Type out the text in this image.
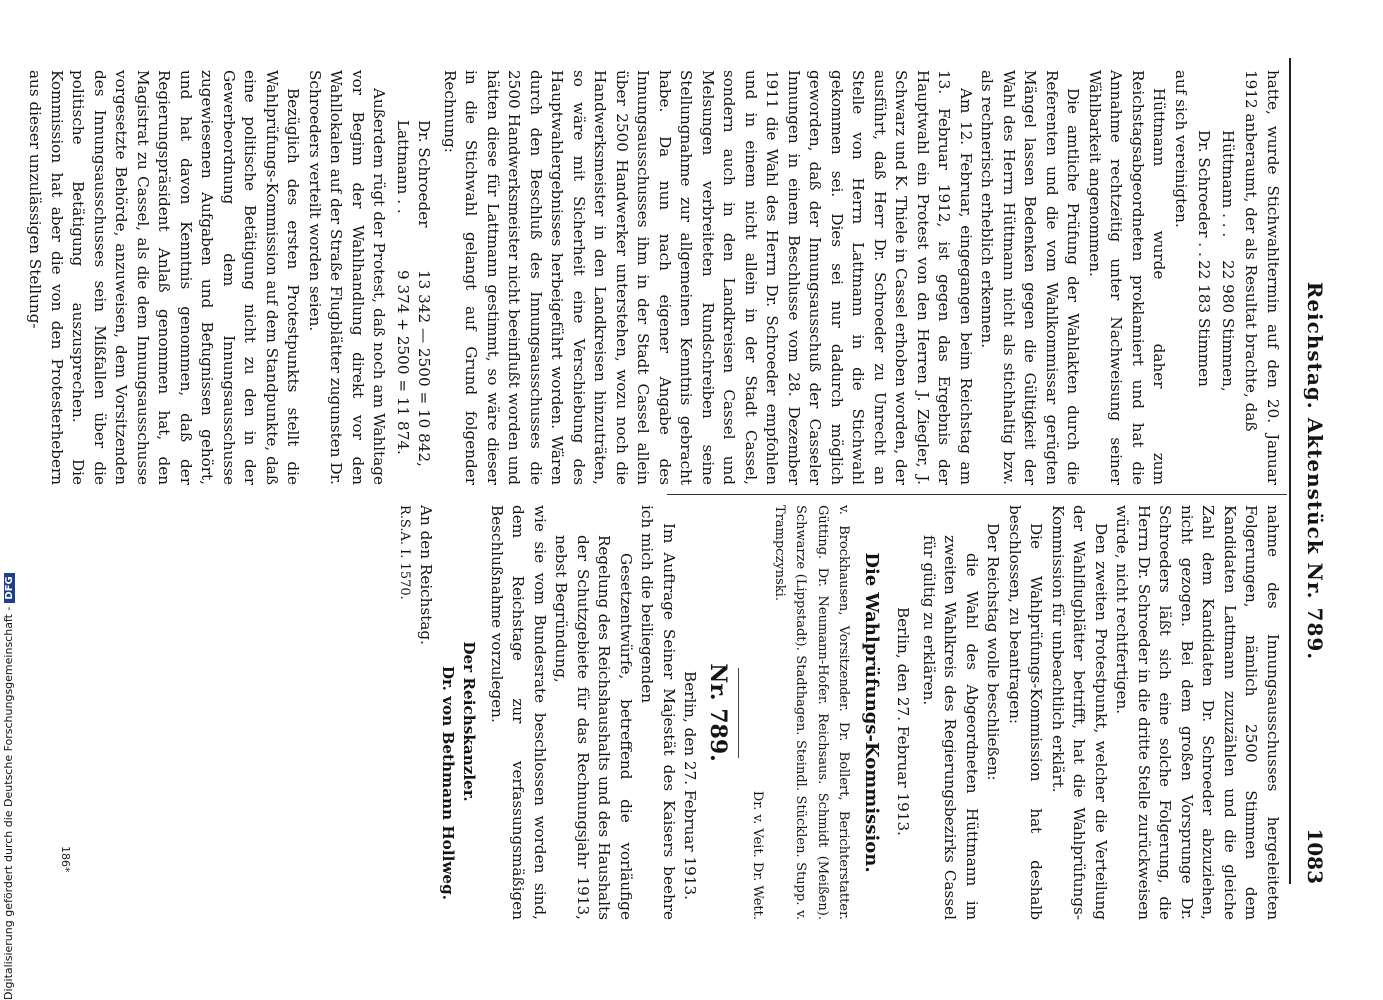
Reichstag. Aktenstück Nr. 789.
1083

hatte, wurde Stichwahltermin auf den 20. Januar 1912 anberaumt, der als Resultat brachte, daß

Hüttmann . . .
22 980 Stimmen,
Dr. Schroeder . .
22 183 Stimmen

auf sich vereinigten.

Hüttmann wurde daher zum Reichstagsabgeordneten proklamiert und hat die Annahme rechtzeitig unter Nachweisung seiner Wählbarkeit angenommen.

Die amtliche Prüfung der Wahlakten durch die Referenten und die vom Wahlkommissar gerügten Mängel lassen Bedenken gegen die Gültigkeit der Wahl des Herrn Hüttmann nicht als stichhaltig bzw. als rechnerisch erheblich erkennen.

Am 12. Februar, eingegangen beim Reichstag am 13. Februar 1912, ist gegen das Ergebnis der Hauptwahl ein Protest von den Herren J. Ziegler, J. Schwarz und K. Thiele in Cassel erhoben worden, der ausführt, daß Herr Dr. Schroeder zu Unrecht an Stelle von Herrn Lattmann in die Stichwahl gekommen sei. Dies sei nur dadurch möglich geworden, daß der Innungsausschuß der Casseler Innungen in einem Beschlusse vom 28. Dezember 1911 die Wahl des Herrn Dr. Schroeder empfohlen und in einem nicht allein in der Stadt Cassel, sondern auch in den Landkreisen Cassel und Melsungen verbreiteten Rundschreiben seine Stellungnahme zur allgemeinen Kenntnis gebracht habe. Da nun nach eigener Angabe des Innungsausschusses ihm in der Stadt Cassel allein über 2500 Handwerker unterstehen, wozu noch die Handwerksmeister in den Landkreisen hinzuträten, so wäre mit Sicherheit eine Verschiebung des Hauptwahlergebnisses herbeigeführt worden. Wären durch den Beschluß des Innungsausschusses die 2500 Handwerksmeister nicht beeinflußt worden und hätten diese für Lattmann gestimmt, so wäre dieser in die Stichwahl gelangt auf Grund folgender Rechnung:

Dr. Schroeder
13 342 — 2500 = 10 842,
Lattmann . .
9 374 + 2500 = 11 874.

Außerdem rügt der Protest, daß noch am Wahltage vor Beginn der Wahlhandlung direkt vor den Wahllokalen auf der Straße Flugblätter zugunsten Dr. Schroeders verteilt worden seien.

Bezüglich des ersten Protestpunkts stellt die Wahlprüfungs-Kommission auf dem Standpunkte, daß eine politische Betätigung nicht zu den in der Gewerbeordnung dem Innungsausschusse zugewiesenen Aufgaben und Befugnissen gehört, und hat davon Kenntnis genommen, daß der Regierungspräsident Anlaß genommen hat, den Magistrat zu Cassel, als die dem Innungsausschusse vorgesetzte Behörde, anzuweisen, dem Vorsitzenden des Innungsausschusses sein Mißfallen über die politische Betätigung auszusprechen. Die Kommission hat aber die von den Protesterhebern aus dieser unzulässigen Stellung-

nahme des Innungsausschusses hergeleiteten Folgerungen, nämlich 2500 Stimmen dem Kandidaten Lattmann zuzuzählen und die gleiche Zahl dem Kandidaten Dr. Schroeder abzuziehen, nicht gezogen. Bei dem großen Vorsprunge Dr. Schroeders läßt sich eine solche Folgerung, die Herrn Dr. Schroeder in die dritte Stelle zurückweisen würde, nicht rechtfertigen.

Den zweiten Protestpunkt, welcher die Verteilung der Wahlflugblätter betrifft, hat die Wahlprüfungs-Kommission für unbeachtlich erklärt.

Die Wahlprüfungs-Kommission hat deshalb beschlossen, zu beantragen:

Der Reichstag wolle beschließen:

die Wahl des Abgeordneten Hüttmann im zweiten Wahlkreis des Regierungsbezirks Cassel für gültig zu erklären.

Berlin, den 27. Februar 1913.

Die Wahlprüfungs-Kommission.

v. Brockhausen, Vorsitzender. Dr. Bollert, Berichterstatter. Gütting. Dr. Neumann-Hofer. Reichsaus. Schmidt (Meißen). Schwarze (Lippstadt). Stadthagen. Steindl. Stücklen. Stupp. v. Trampczynski.

Dr. v. Veit. Dr. Wett.

Nr. 789.

Berlin, den 27. Februar 1913.

Im Auftrage Seiner Majestät des Kaisers beehre ich mich die beiliegenden

Gesetzentwürfe, betreffend die vorläufige Regelung des Reichshaushalts und des Haushalts der Schutzgebiete für das Rechnungsjahr 1913, nebst Begründung,

wie sie vom Bundesrate beschlossen worden sind, dem Reichstage zur verfassungsmäßigen Beschlußnahme vorzulegen.

Der Reichskanzler.

Dr. von Bethmann Hollweg.

An den Reichstag.

R.S.A. I. 1570.

Digitalisierung gefördert durch die Deutsche Forschungsgemeinschaft -DFG
186*
